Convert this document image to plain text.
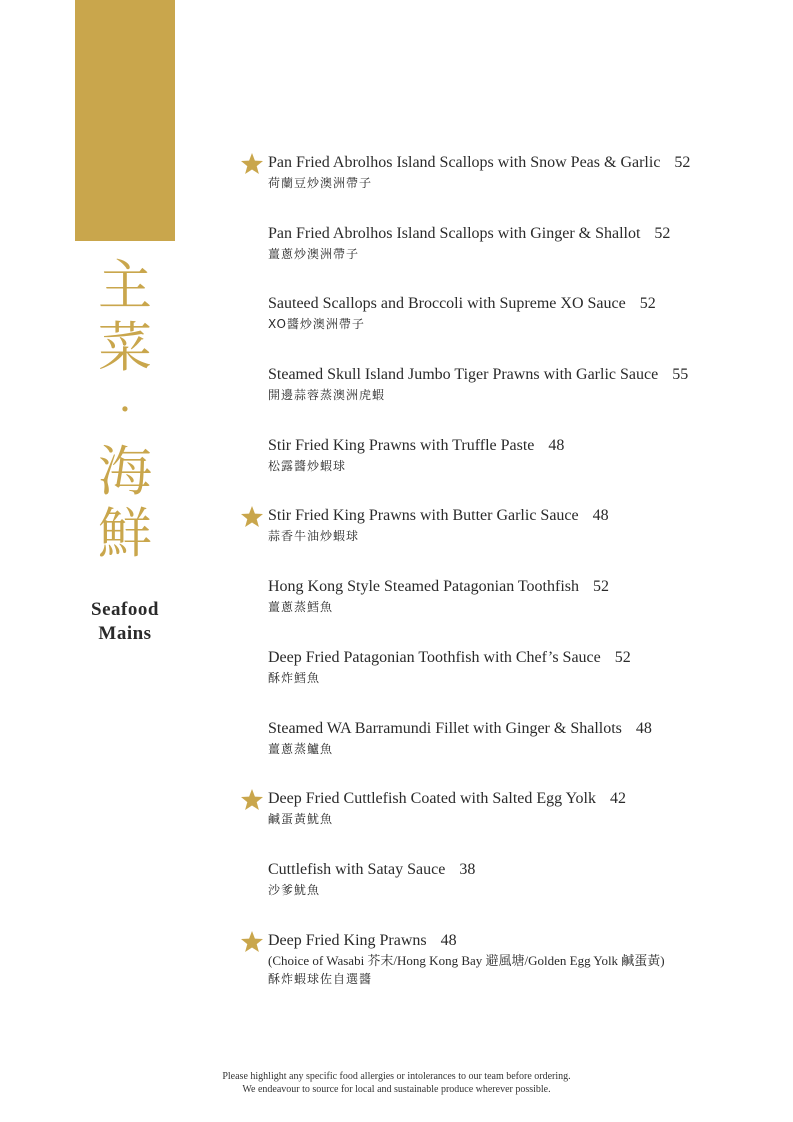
主
菜
·
海
鮮
Seafood
Mains
Pan Fried Abrolhos Island Scallops with Snow Peas & Garlic 52
荷蘭豆炒澳洲帶子
Pan Fried Abrolhos Island Scallops with Ginger & Shallot 52
薑蔥炒澳洲帶子
Sauteed Scallops and Broccoli with Supreme XO Sauce 52
XO醬炒澳洲帶子
Steamed Skull Island Jumbo Tiger Prawns with Garlic Sauce 55
開邊蒜蓉蒸澳洲虎蝦
Stir Fried King Prawns with Truffle Paste 48
松露醬炒蝦球
Stir Fried King Prawns with Butter Garlic Sauce 48
蒜香牛油炒蝦球
Hong Kong Style Steamed Patagonian Toothfish 52
薑蔥蒸鱈魚
Deep Fried Patagonian Toothfish with Chef’s Sauce 52
酥炸鱈魚
Steamed WA Barramundi Fillet with Ginger & Shallots 48
薑蔥蒸鱸魚
Deep Fried Cuttlefish Coated with Salted Egg Yolk 42
鹹蛋黃魷魚
Cuttlefish with Satay Sauce 38
沙爹魷魚
Deep Fried King Prawns 48
(Choice of Wasabi 芥末/Hong Kong Bay 避風塘/Golden Egg Yolk 鹹蛋黃)
酥炸蝦球佐自選醬
Please highlight any specific food allergies or intolerances to our team before ordering.
We endeavour to source for local and sustainable produce wherever possible.
